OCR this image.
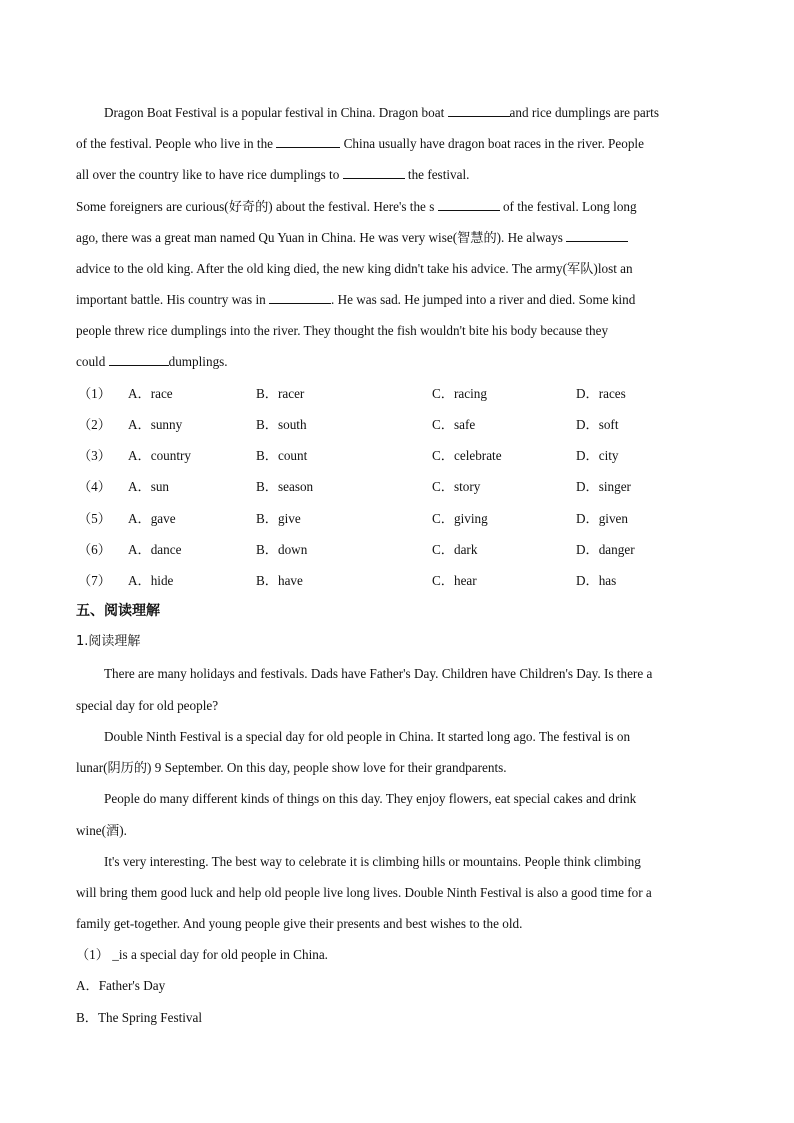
Dragon Boat Festival is a popular festival in China. Dragon boat	and rice dumplings are parts
of the festival. People who live in the	China usually have dragon boat races in the river. People
all over the country like to have rice dumplings to	the festival.
Some foreigners are curious(好奇的) about the festival. Here's the s	of the festival. Long long
ago, there was a great man named Qu Yuan in China. He was very wise(智慧的). He always
advice to the old king. After the old king died, the new king didn't take his advice. The army(军队)lost an
important battle. His country was in	. He was sad. He jumped into a river and died. Some kind
people threw rice dumplings into the river. They thought the fish wouldn't bite his body because they
could	dumplings.
（1） A．race	B．racer	C．racing	D．races
（2） A．sunny	B．south	C．safe	D．soft
（3） A．country	B．count	C．celebrate	D．city
（4） A．sun	B．season	C．story	D．singer
（5） A．gave	B．give	C．giving	D．given
（6） A．dance	B．down	C．dark	D．danger
（7） A．hide	B．have	C．hear	D．has
五、阅读理解
1.阅读理解
There are many holidays and festivals. Dads have Father's Day. Children have Children's Day. Is there a
special day for old people?
Double Ninth Festival is a special day for old people in China. It started long ago. The festival is on
lunar(阴历的) 9 September. On this day, people show love for their grandparents.
People do many different kinds of things on this day. They enjoy flowers, eat special cakes and drink
wine(酒).
It's very interesting. The best way to celebrate it is climbing hills or mountains. People think climbing
will bring them good luck and help old people live long lives. Double Ninth Festival is also a good time for a
family get-together. And young people give their presents and best wishes to the old.
（1） _is a special day for old people in China.
A．Father's Day
B．The Spring Festival
